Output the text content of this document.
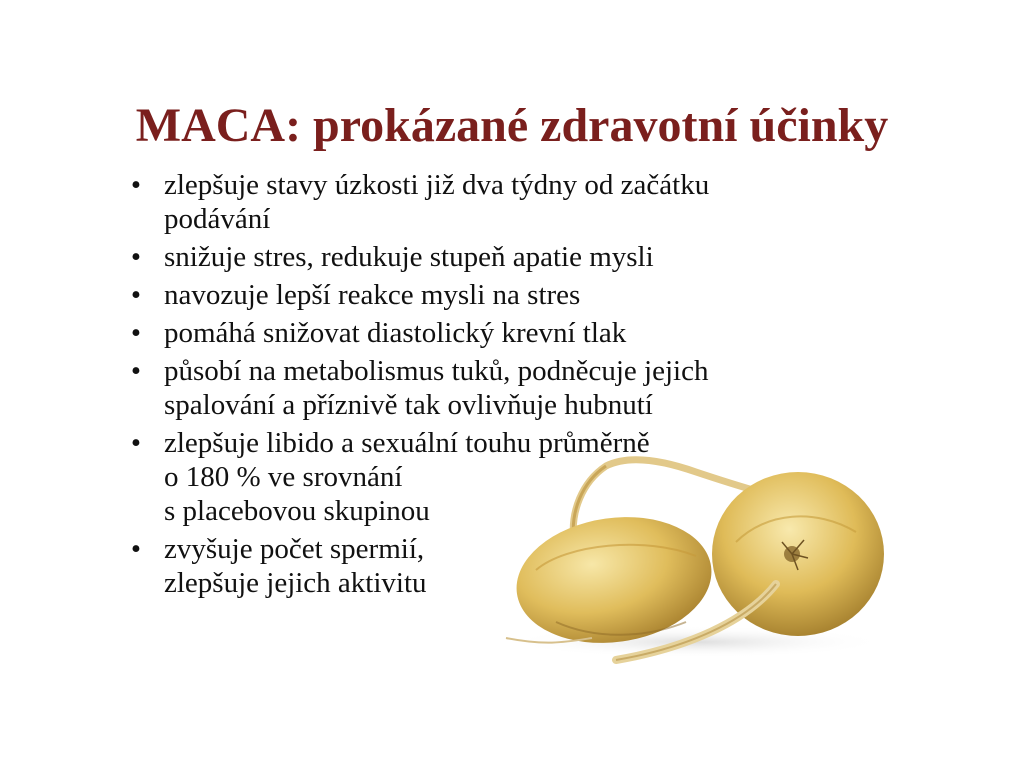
MACA: prokázané zdravotní účinky
• zlepšuje stavy úzkosti již dva týdny od začátku
podávání
• snižuje stres, redukuje stupeň apatie mysli
• navozuje lepší reakce mysli na stres
• pomáhá snižovat diastolický krevní tlak
• působí na metabolismus tuků, podněcuje jejich
spalování a příznivě tak ovlivňuje hubnutí
• zlepšuje libido a sexuální touhu průměrně
o 180 % ve srovnání
s placebovou skupinou
• zvyšuje počet spermií,
zlepšuje jejich aktivitu
